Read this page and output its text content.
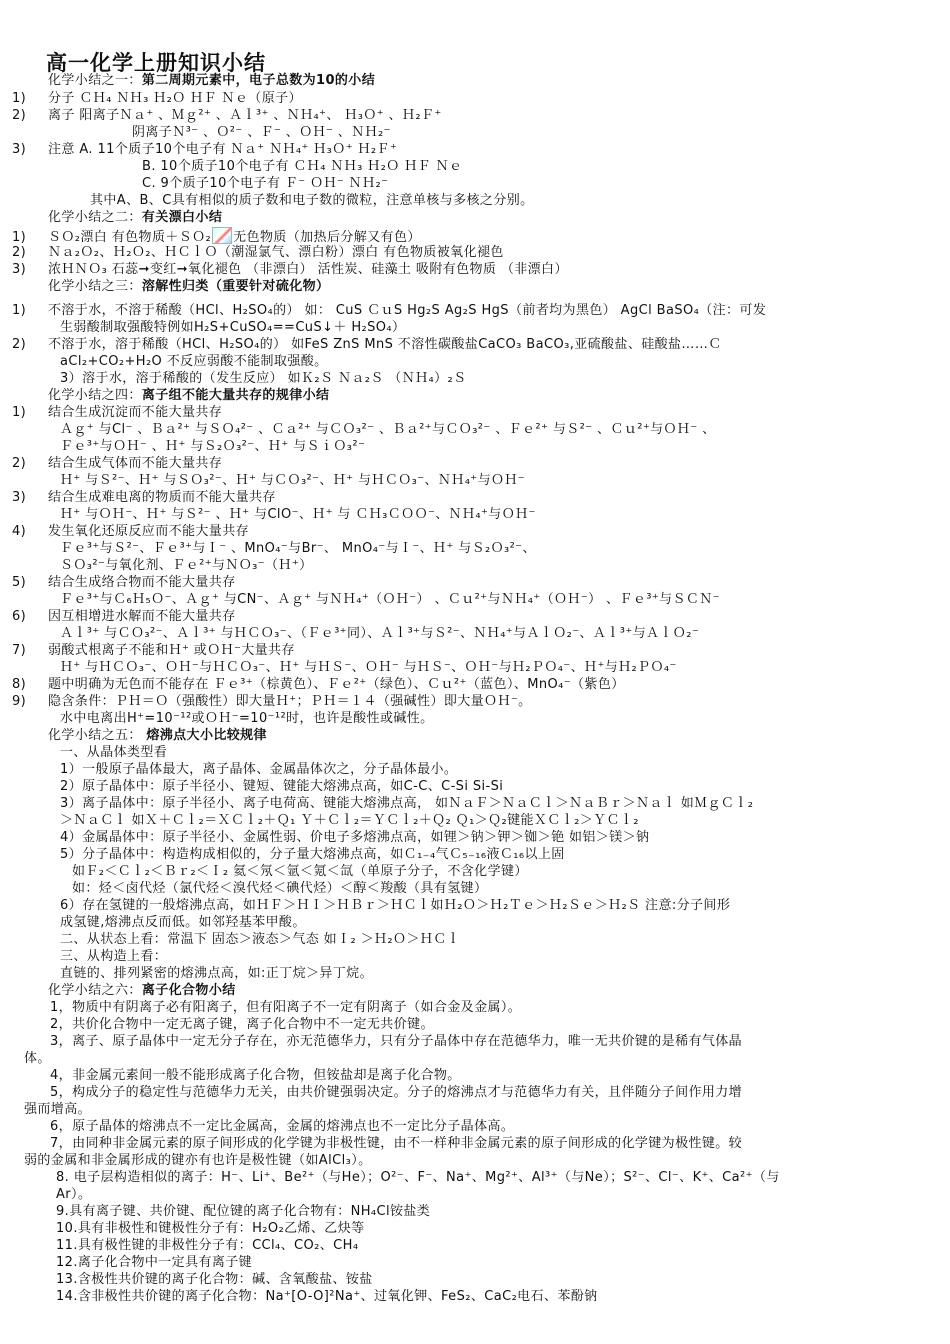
高一化学上册知识小结
化学小结之一：第二周期元素中，电子总数为10的小结
1) 分子 ＣＨ₄ ＮＨ₃ Ｈ₂Ｏ ＨＦ Ｎｅ（原子）
2) 离子 阳离子Ｎａ⁺ 、Ｍｇ²⁺ 、Ａｌ³⁺ 、ＮＨ₄⁺、 Ｈ₃Ｏ⁺ 、Ｈ₂Ｆ⁺
阴离子Ｎ³⁻ 、Ｏ²⁻ 、Ｆ⁻ 、ＯＨ⁻ 、ＮＨ₂⁻
3) 注意 A. 11个质子10个电子有 Ｎａ⁺ ＮＨ₄⁺ Ｈ₃Ｏ⁺ Ｈ₂Ｆ⁺
B. 10个质子10个电子有 ＣＨ₄ ＮＨ₃ Ｈ₂Ｏ ＨＦ Ｎｅ
C. 9个质子10个电子有 Ｆ⁻ ＯＨ⁻ ＮＨ₂⁻
其中A、B、C具有相似的质子数和电子数的微粒，注意单核与多核之分别。
化学小结之二：有关漂白小结
1) ＳＯ₂漂白 有色物质＋ＳＯ₂ 无色物质（加热后分解又有色）
2) Ｎａ₂Ｏ₂、Ｈ₂Ｏ₂、ＨＣｌＯ（潮湿氯气、漂白粉）漂白 有色物质被氧化褪色
3) 浓ＨＮＯ₃ 石蕊➞变红➞氧化褪色 （非漂白） 活性炭、硅藻土 吸附有色物质 （非漂白）
化学小结之三：溶解性归类（重要针对硫化物）
1) 不溶于水，不溶于稀酸（HCl、H₂SO₄的） 如： CuS ＣｕS Hg₂S Ag₂S HgS（前者均为黑色） AgCl BaSO₄（注：可发
生弱酸制取强酸特例如H₂S+CuSO₄==CuS↓＋ H₂SO₄）
2) 不溶于水，溶于稀酸（HCl、H₂SO₄的） 如FeS ZnS MnS 不溶性碳酸盐CaCO₃ BaCO₃,亚硫酸盐、硅酸盐……Ｃ
aCl₂+CO₂+H₂O 不反应弱酸不能制取强酸。
3）溶于水，溶于稀酸的（发生反应） 如Ｋ₂Ｓ Ｎａ₂Ｓ （ＮＨ₄）₂Ｓ
化学小结之四：离子组不能大量共存的规律小结
1) 结合生成沉淀而不能大量共存
Ａｇ⁺ 与Cl⁻ 、Ｂａ²⁺ 与ＳＯ₄²⁻ 、Ｃａ²⁺ 与ＣＯ₃²⁻ 、Ｂａ²⁺与ＣＯ₃²⁻ 、Ｆｅ²⁺ 与Ｓ²⁻ 、Ｃｕ²⁺与ＯＨ⁻ 、
Ｆｅ³⁺与ＯＨ⁻ 、Ｈ⁺ 与Ｓ₂Ｏ₃²⁻、Ｈ⁺ 与ＳｉＯ₃²⁻
2) 结合生成气体而不能大量共存
Ｈ⁺ 与Ｓ²⁻、Ｈ⁺ 与ＳＯ₃²⁻、Ｈ⁺ 与ＣＯ₃²⁻、Ｈ⁺ 与ＨＣＯ₃⁻、ＮＨ₄⁺与ＯＨ⁻
3) 结合生成难电离的物质而不能大量共存
Ｈ⁺ 与ＯＨ⁻、Ｈ⁺ 与Ｓ²⁻ 、Ｈ⁺ 与ClO⁻、Ｈ⁺ 与 ＣＨ₃ＣＯＯ⁻、ＮＨ₄⁺与ＯＨ⁻
4) 发生氧化还原反应而不能大量共存
Ｆｅ³⁺与Ｓ²⁻、Ｆｅ³⁺与Ｉ⁻ 、MnO₄⁻与Br⁻、 MnO₄⁻与Ｉ⁻、Ｈ⁺ 与Ｓ₂Ｏ₃²⁻、
ＳＯ₃²⁻与氧化剂、Ｆｅ²⁺与ＮＯ₃⁻（Ｈ⁺）
5) 结合生成络合物而不能大量共存
Ｆｅ³⁺与Ｃ₆Ｈ₅Ｏ⁻、Ａｇ⁺ 与CN⁻、Ａｇ⁺ 与ＮＨ₄⁺（ＯＨ⁻） 、Ｃｕ²⁺与ＮＨ₄⁺（ＯＨ⁻） 、Ｆｅ³⁺与ＳＣＮ⁻
6) 因互相增进水解而不能大量共存
Ａｌ³⁺ 与ＣＯ₃²⁻、Ａｌ³⁺ 与ＨＣＯ₃⁻、（Ｆｅ³⁺同）、Ａｌ³⁺与Ｓ²⁻、ＮＨ₄⁺与ＡｌＯ₂⁻、Ａｌ³⁺与ＡｌＯ₂⁻
7) 弱酸式根离子不能和Ｈ⁺ 或ＯＨ⁻大量共存
Ｈ⁺ 与ＨＣＯ₃⁻、ＯＨ⁻与ＨＣＯ₃⁻、Ｈ⁺ 与ＨＳ⁻、ＯＨ⁻ 与ＨＳ⁻、ＯＨ⁻与Ｈ₂ＰＯ₄⁻、Ｈ⁺与Ｈ₂ＰＯ₄⁻
8) 题中明确为无色而不能存在 Ｆｅ³⁺（棕黄色）、Ｆｅ²⁺（绿色）、Ｃｕ²⁺（蓝色）、MnO₄⁻（紫色）
9) 隐含条件：ＰＨ＝Ｏ（强酸性）即大量Ｈ⁺；ＰＨ＝１４（强碱性）即大量ＯＨ⁻。
水中电离出H⁺=10⁻¹²或ＯＨ⁻=10⁻¹²时，也许是酸性或碱性。
化学小结之五： 熔沸点大小比较规律
一、从晶体类型看
1）一般原子晶体最大，离子晶体、金属晶体次之，分子晶体最小。
2）原子晶体中：原子半径小、键短、键能大熔沸点高，如C-C、C-Si Si-Si
3）离子晶体中：原子半径小、离子电荷高、键能大熔沸点高， 如ＮａＦ＞ＮａＣｌ＞ＮａＢｒ＞Ｎａｌ 如ＭｇＣｌ₂
＞ＮａＣｌ 如Ｘ＋Ｃｌ₂＝ＸＣｌ₂＋Ｑ₁ Ｙ＋Ｃｌ₂＝ＹＣｌ₂＋Ｑ₂ Ｑ₁＞Ｑ₂键能ＸＣｌ₂＞ＹＣｌ₂
4）金属晶体中：原子半径小、金属性弱、价电子多熔沸点高，如锂＞钠＞钾＞铷＞铯 如铝＞镁＞钠
5）分子晶体中：构造构成相似的，分子量大熔沸点高，如Ｃ₁₋₄气Ｃ₅₋₁₆液Ｃ₁₆以上固
如Ｆ₂＜Ｃｌ₂＜Ｂｒ₂＜Ｉ₂ 氦＜氖＜氩＜氪＜氙（单原子分子，不含化学键）
如：烃＜卤代烃（氯代烃＜溴代烃＜碘代烃）＜醇＜羧酸（具有氢键）
6）存在氢键的一般熔沸点高，如ＨＦ＞ＨＩ＞ＨＢｒ＞ＨＣｌ如Ｈ₂Ｏ＞Ｈ₂Ｔｅ＞Ｈ₂Ｓｅ＞Ｈ₂Ｓ 注意:分子间形
成氢键,熔沸点反而低。如邻羟基苯甲酸。
二、从状态上看：常温下 固态＞液态＞气态 如Ｉ₂ ＞Ｈ₂Ｏ＞ＨＣｌ
三、从构造上看：
直链的、排列紧密的熔沸点高，如:正丁烷＞异丁烷。
化学小结之六：离子化合物小结
1，物质中有阴离子必有阳离子，但有阳离子不一定有阴离子（如合金及金属）。
2，共价化合物中一定无离子键，离子化合物中不一定无共价键。
3，离子、原子晶体中一定无分子存在，亦无范德华力，只有分子晶体中存在范德华力，唯一无共价键的是稀有气体晶
体。
4，非金属元素间一般不能形成离子化合物，但铵盐却是离子化合物。
5，构成分子的稳定性与范德华力无关，由共价键强弱决定。分子的熔沸点才与范德华力有关，且伴随分子间作用力增
强而增高。
6，原子晶体的熔沸点不一定比金属高，金属的熔沸点也不一定比分子晶体高。
7，由同种非金属元素的原子间形成的化学键为非极性键，由不一样种非金属元素的原子间形成的化学键为极性键。较
弱的金属和非金属形成的键亦有也许是极性键（如AlCl₃）。
8. 电子层构造相似的离子：H⁻、Li⁺、Be²⁺（与He）；O²⁻、F⁻、Na⁺、Mg²⁺、Al³⁺（与Ne）；S²⁻、Cl⁻、K⁺、Ca²⁺（与
Ar）。
9.具有离子键、共价键、配位键的离子化合物有：NH₄Cl铵盐类
10.具有非极性和键极性分子有：H₂O₂乙烯、乙炔等
11.具有极性键的非极性分子有：CCl₄、CO₂、CH₄
12.离子化合物中一定具有离子键
13.含极性共价键的离子化合物：碱、含氧酸盐、铵盐
14.含非极性共价键的离子化合物：Na⁺[O-O]²Na⁺、过氧化钾、FeS₂、CaC₂电石、苯酚钠
